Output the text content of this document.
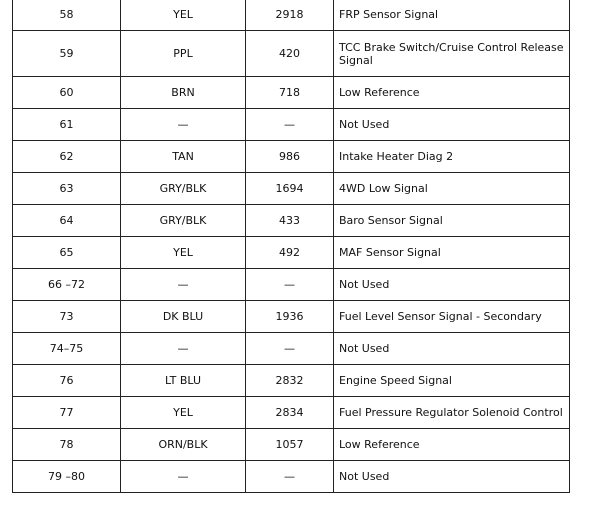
58	YEL	2918	FRP Sensor Signal
59	PPL	420	TCC Brake Switch/Cruise Control Release Signal
60	BRN	718	Low Reference
61	—	—	Not Used
62	TAN	986	Intake Heater Diag 2
63	GRY/BLK	1694	4WD Low Signal
64	GRY/BLK	433	Baro Sensor Signal
65	YEL	492	MAF Sensor Signal
66 –72	—	—	Not Used
73	DK BLU	1936	Fuel Level Sensor Signal - Secondary
74–75	—	—	Not Used
76	LT BLU	2832	Engine Speed Signal
77	YEL	2834	Fuel Pressure Regulator Solenoid Control
78	ORN/BLK	1057	Low Reference
79 –80	—	—	Not Used
